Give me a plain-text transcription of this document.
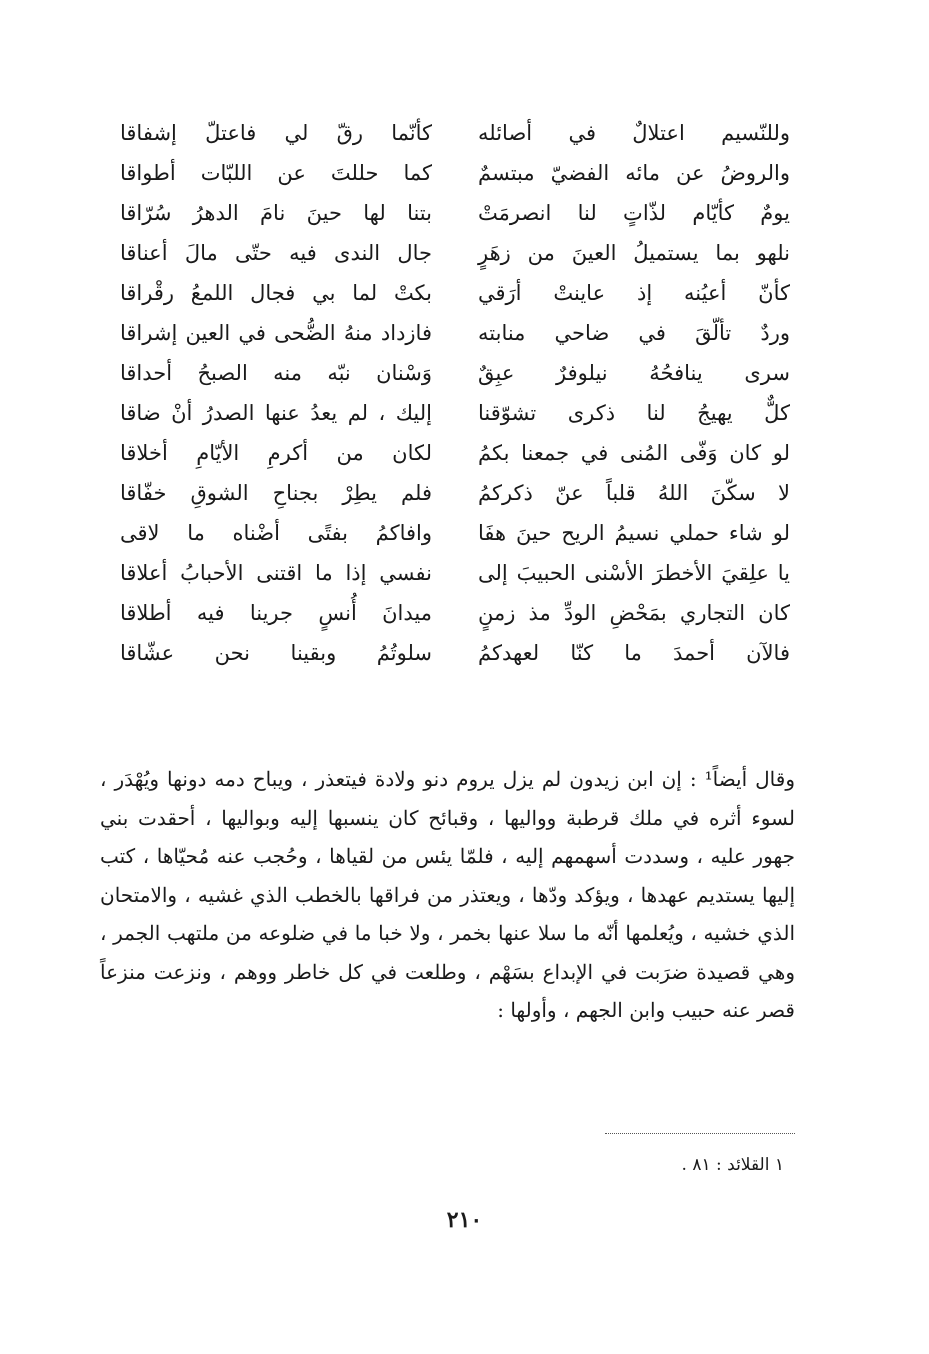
وللنّسيم اعتلالٌ في أصائله
كأنّما رقّ لي فاعتلّ إشفاقا
والروضُ عن مائه الفضيّ مبتسمٌ
كما حللتَ عن اللبّات أطواقا
يومٌ كأيّام لذّاتٍ لنا انصرمَتْ
بتنا لها حينَ نامَ الدهرُ سُرّاقا
نلهو بما يستميلُ العينَ من زهَرٍ
جال الندى فيه حتّى مالَ أعناقا
كأنّ أعيُنه إذ عاينتْ أرَقي
بكتْ لما بي فجال اللمعُ رقْراقا
وردٌ تألّقَ في ضاحي منابته
فازداد منهُ الضُّحى في العين إشراقا
سرى ينافحُهُ نيلوفرٌ عبِقٌ
وَسْنان نبّه منه الصبحُ أحداقا
كلٌّ يهيجُ لنا ذكرى تشوّقنا
إليك ، لم يعدُ عنها الصدرُ أنْ ضاقا
لو كان وَفّى المُنى في جمعنا بكمُ
لكان من أكرمِ الأيّامِ أخلاقا
لا سكّنَ اللهُ قلباً عنّ ذكركمُ
فلم يطِرْ بجناحِ الشوقِ خفّاقا
لو شاء حملي نسيمُ الريح حينَ هفَا
وافاكمُ بفتًى أضْناه ما لاقى
يا علِقيَ الأخطرَ الأسْنى الحبيبَ إلى
نفسي إذا ما اقتنى الأحبابُ أعلاقا
كان التجاري بمَحْضِ الودِّ مذ زمنٍ
ميدانَ أُنسٍ جرينا فيه أطلاقا
فالآن أحمدَ ما كنّا لعهدكمُ
سلوتُمُ وبقينا نحن عشّاقا

وقال أيضاً¹ : إن ابن زيدون لم يزل يروم دنو ولادة فيتعذر ، ويباح دمه دونها ويُهْدَر ، لسوء أثره في ملك قرطبة وواليها ، وقبائح كان ينسبها إليه وبواليها ، أحقدت بني جهور عليه ، وسددت أسهمهم إليه ، فلمّا يئس من لقياها ، وحُجب عنه مُحيّاها ، كتب إليها يستديم عهدها ، ويؤكد ودّها ، ويعتذر من فراقها بالخطب الذي غشيه ، والامتحان الذي خشيه ، ويُعلمها أنّه ما سلا عنها بخمر ، ولا خبا ما في ضلوعه من ملتهب الجمر ، وهي قصيدة ضرَبت في الإبداع بسَهْم ، وطلعت في كل خاطر ووهم ، ونزعت منزعاً قصر عنه حبيب وابن الجهم ، وأولها :

١ القلائد : ٨١ .
٢١٠
